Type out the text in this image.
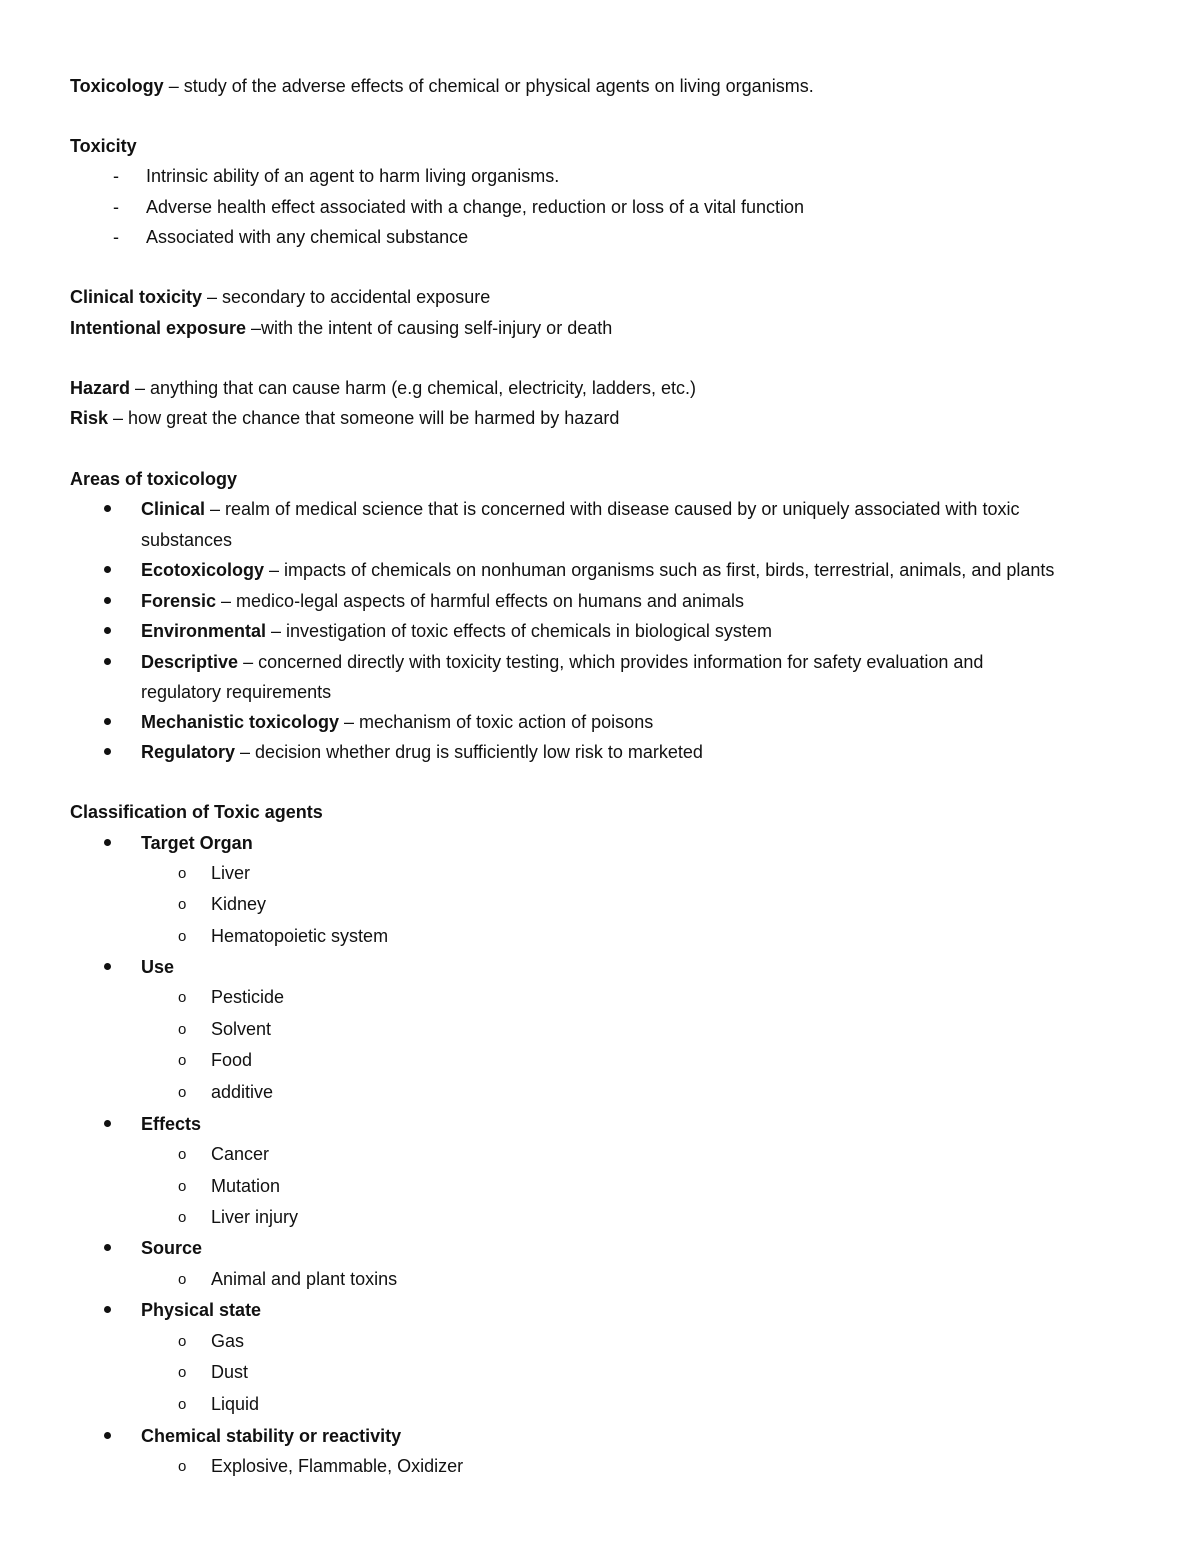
Toxicology – study of the adverse effects of chemical or physical agents on living organisms.
Toxicity
- Intrinsic ability of an agent to harm living organisms.
- Adverse health effect associated with a change, reduction or loss of a vital function
- Associated with any chemical substance
Clinical toxicity – secondary to accidental exposure
Intentional exposure –with the intent of causing self-injury or death
Hazard – anything that can cause harm (e.g chemical, electricity, ladders, etc.)
Risk – how great the chance that someone will be harmed by hazard
Areas of toxicology
Clinical – realm of medical science that is concerned with disease caused by or uniquely associated with toxic
substances
Ecotoxicology – impacts of chemicals on nonhuman organisms such as first, birds, terrestrial, animals, and plants
Forensic – medico-legal aspects of harmful effects on humans and animals
Environmental – investigation of toxic effects of chemicals in biological system
Descriptive – concerned directly with toxicity testing, which provides information for safety evaluation and
regulatory requirements
Mechanistic toxicology – mechanism of toxic action of poisons
Regulatory – decision whether drug is sufficiently low risk to marketed
Classification of Toxic agents
Target Organ
o Liver
o Kidney
o Hematopoietic system
Use
o Pesticide
o Solvent
o Food
o additive
Effects
o Cancer
o Mutation
o Liver injury
Source
o Animal and plant toxins
Physical state
o Gas
o Dust
o Liquid
Chemical stability or reactivity
o Explosive, Flammable, Oxidizer
